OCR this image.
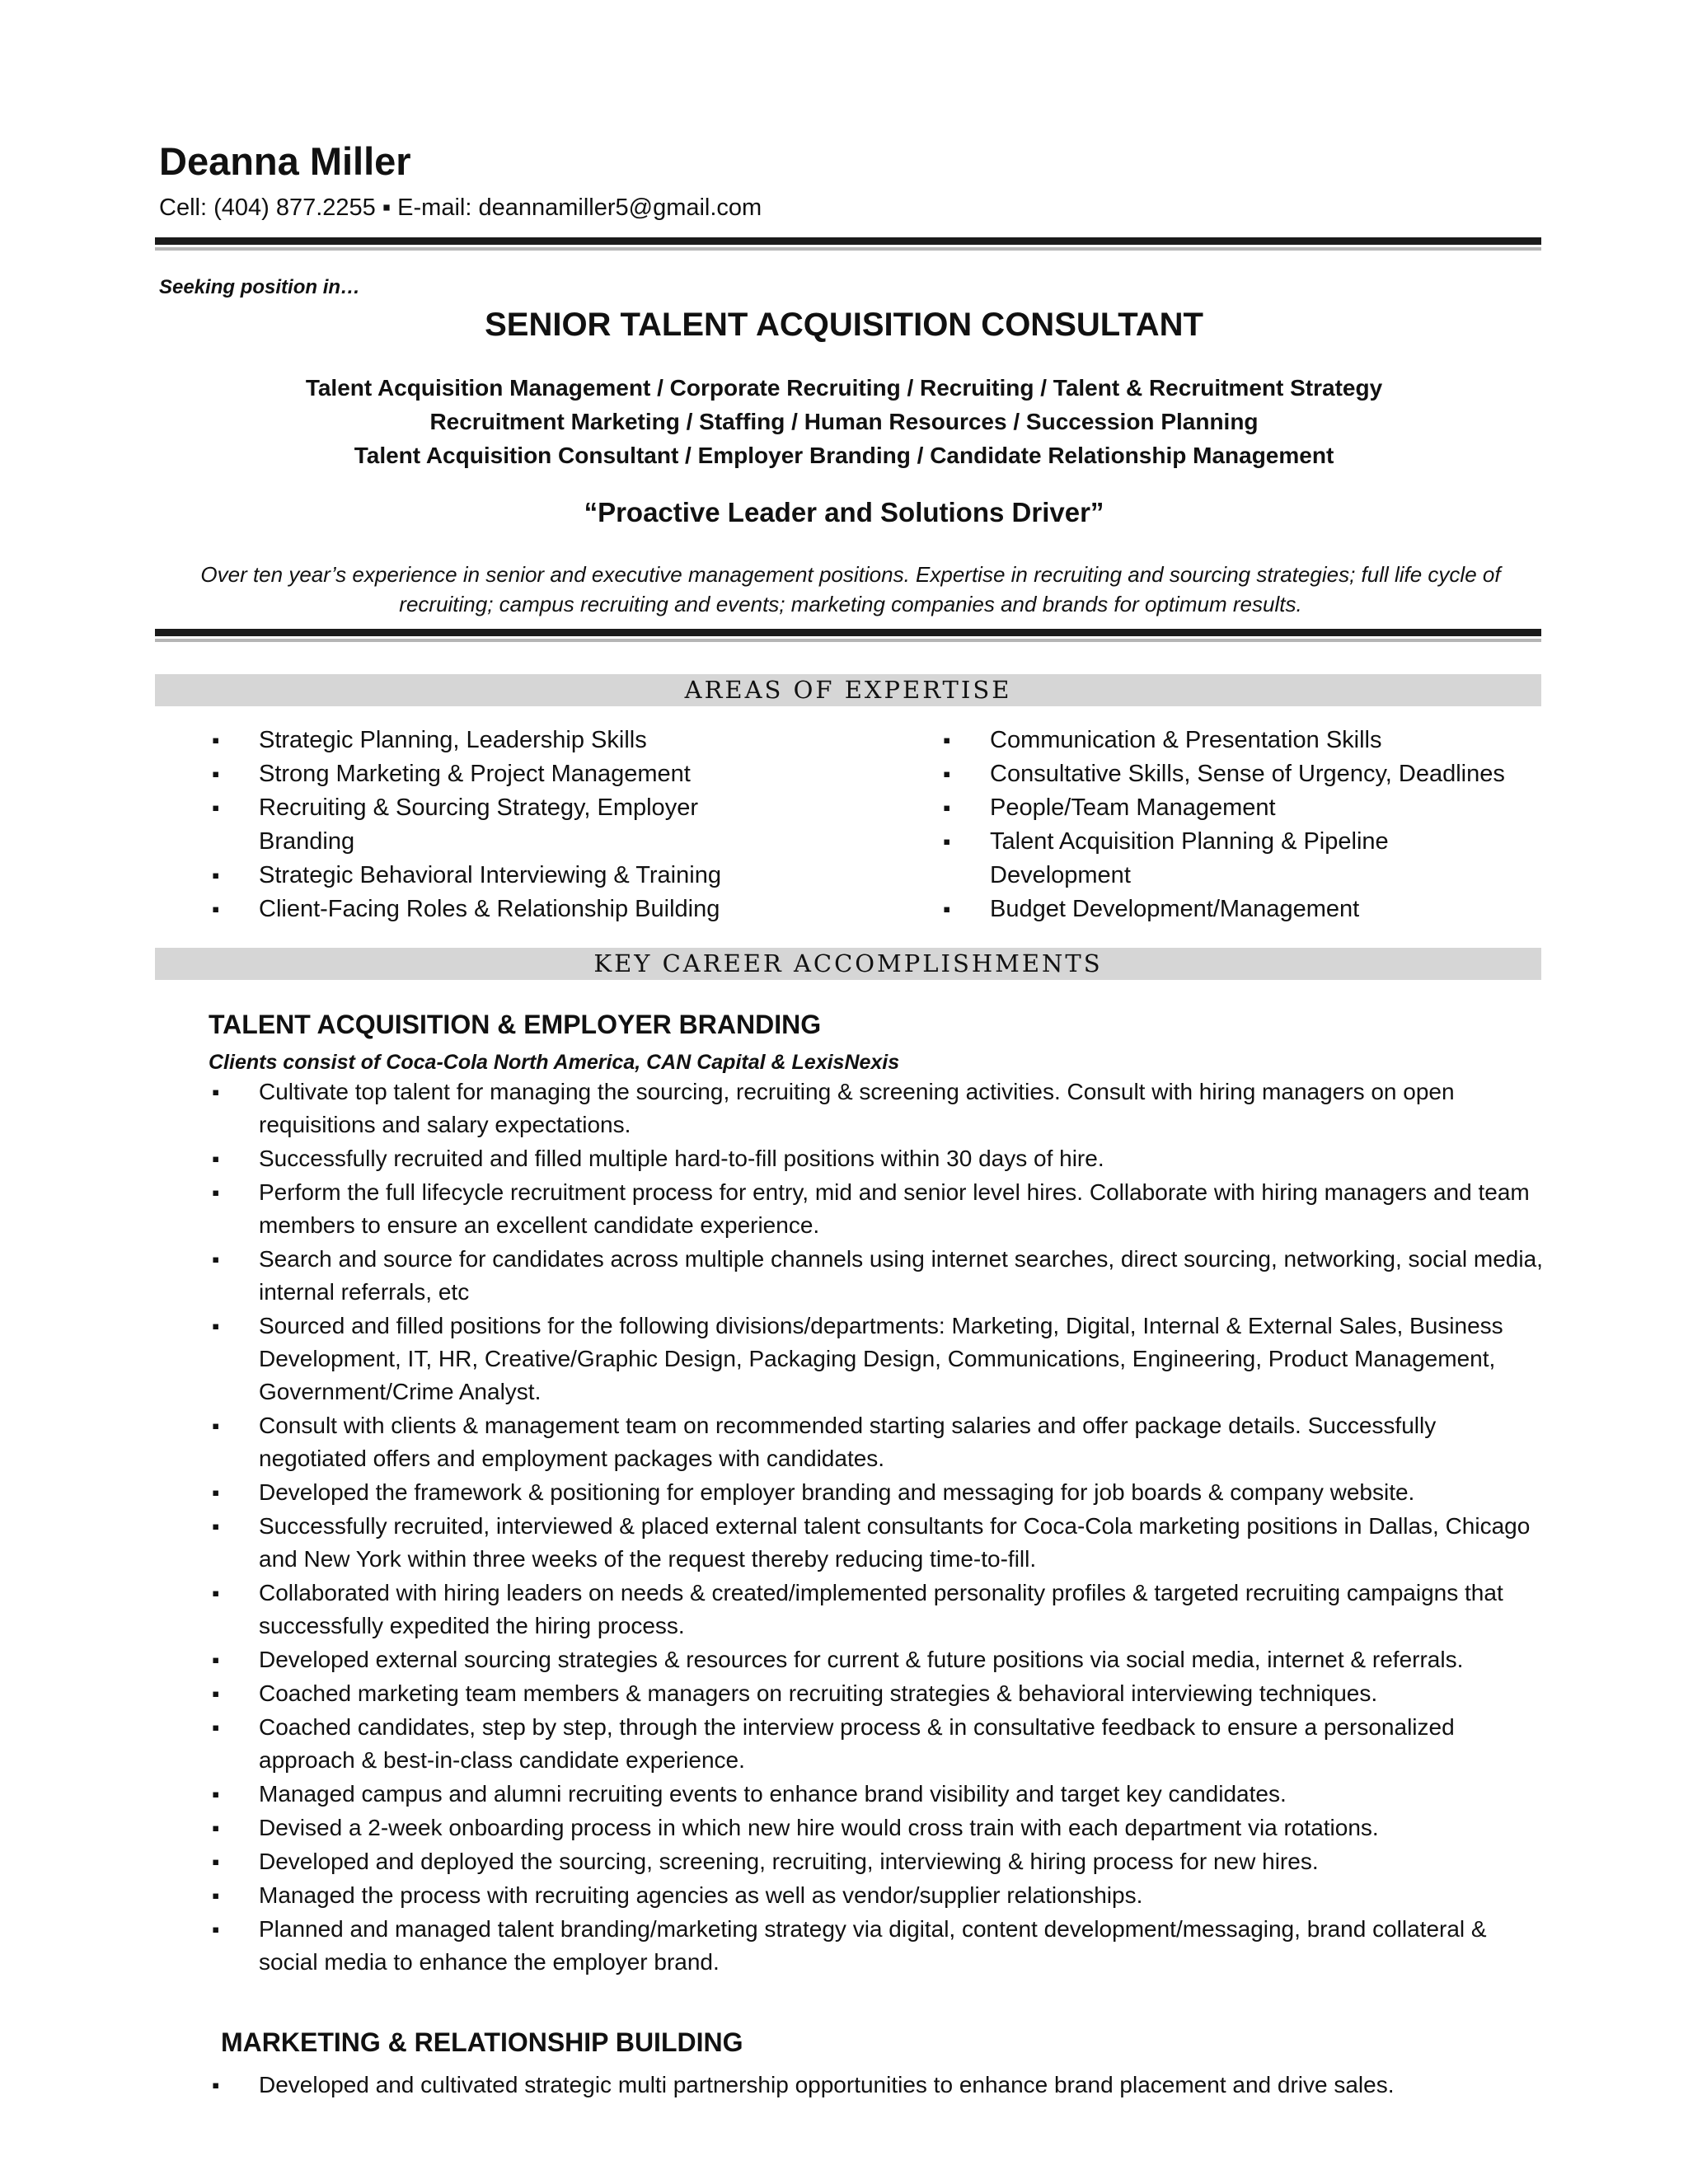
Deanna Miller
Cell: (404) 877.2255 ▪ E-mail: deannamiller5@gmail.com
Seeking position in…
SENIOR TALENT ACQUISITION CONSULTANT
Talent Acquisition Management / Corporate Recruiting / Recruiting / Talent & Recruitment Strategy
Recruitment Marketing / Staffing / Human Resources / Succession Planning
Talent Acquisition Consultant / Employer Branding / Candidate Relationship Management
“Proactive Leader and Solutions Driver”
Over ten year’s experience in senior and executive management positions. Expertise in recruiting and sourcing strategies; full life cycle of recruiting; campus recruiting and events; marketing companies and brands for optimum results.
AREAS OF EXPERTISE
▪ Strategic Planning, Leadership Skills
▪ Strong Marketing & Project Management
▪ Recruiting & Sourcing Strategy, Employer Branding
▪ Strategic Behavioral Interviewing & Training
▪ Client-Facing Roles & Relationship Building
▪ Communication & Presentation Skills
▪ Consultative Skills, Sense of Urgency, Deadlines
▪ People/Team Management
▪ Talent Acquisition Planning & Pipeline Development
▪ Budget Development/Management
KEY CAREER ACCOMPLISHMENTS
TALENT ACQUISITION & EMPLOYER BRANDING
Clients consist of Coca-Cola North America, CAN Capital & LexisNexis
▪ Cultivate top talent for managing the sourcing, recruiting & screening activities. Consult with hiring managers on open requisitions and salary expectations.
▪ Successfully recruited and filled multiple hard-to-fill positions within 30 days of hire.
▪ Perform the full lifecycle recruitment process for entry, mid and senior level hires. Collaborate with hiring managers and team members to ensure an excellent candidate experience.
▪ Search and source for candidates across multiple channels using internet searches, direct sourcing, networking, social media, internal referrals, etc
▪ Sourced and filled positions for the following divisions/departments: Marketing, Digital, Internal & External Sales, Business Development, IT, HR, Creative/Graphic Design, Packaging Design, Communications, Engineering, Product Management, Government/Crime Analyst.
▪ Consult with clients & management team on recommended starting salaries and offer package details. Successfully negotiated offers and employment packages with candidates.
▪ Developed the framework & positioning for employer branding and messaging for job boards & company website.
▪ Successfully recruited, interviewed & placed external talent consultants for Coca-Cola marketing positions in Dallas, Chicago and New York within three weeks of the request thereby reducing time-to-fill.
▪ Collaborated with hiring leaders on needs & created/implemented personality profiles & targeted recruiting campaigns that successfully expedited the hiring process.
▪ Developed external sourcing strategies & resources for current & future positions via social media, internet & referrals.
▪ Coached marketing team members & managers on recruiting strategies & behavioral interviewing techniques.
▪ Coached candidates, step by step, through the interview process & in consultative feedback to ensure a personalized approach & best-in-class candidate experience.
▪ Managed campus and alumni recruiting events to enhance brand visibility and target key candidates.
▪ Devised a 2-week onboarding process in which new hire would cross train with each department via rotations.
▪ Developed and deployed the sourcing, screening, recruiting, interviewing & hiring process for new hires.
▪ Managed the process with recruiting agencies as well as vendor/supplier relationships.
▪ Planned and managed talent branding/marketing strategy via digital, content development/messaging, brand collateral & social media to enhance the employer brand.
MARKETING & RELATIONSHIP BUILDING
▪ Developed and cultivated strategic multi partnership opportunities to enhance brand placement and drive sales.
